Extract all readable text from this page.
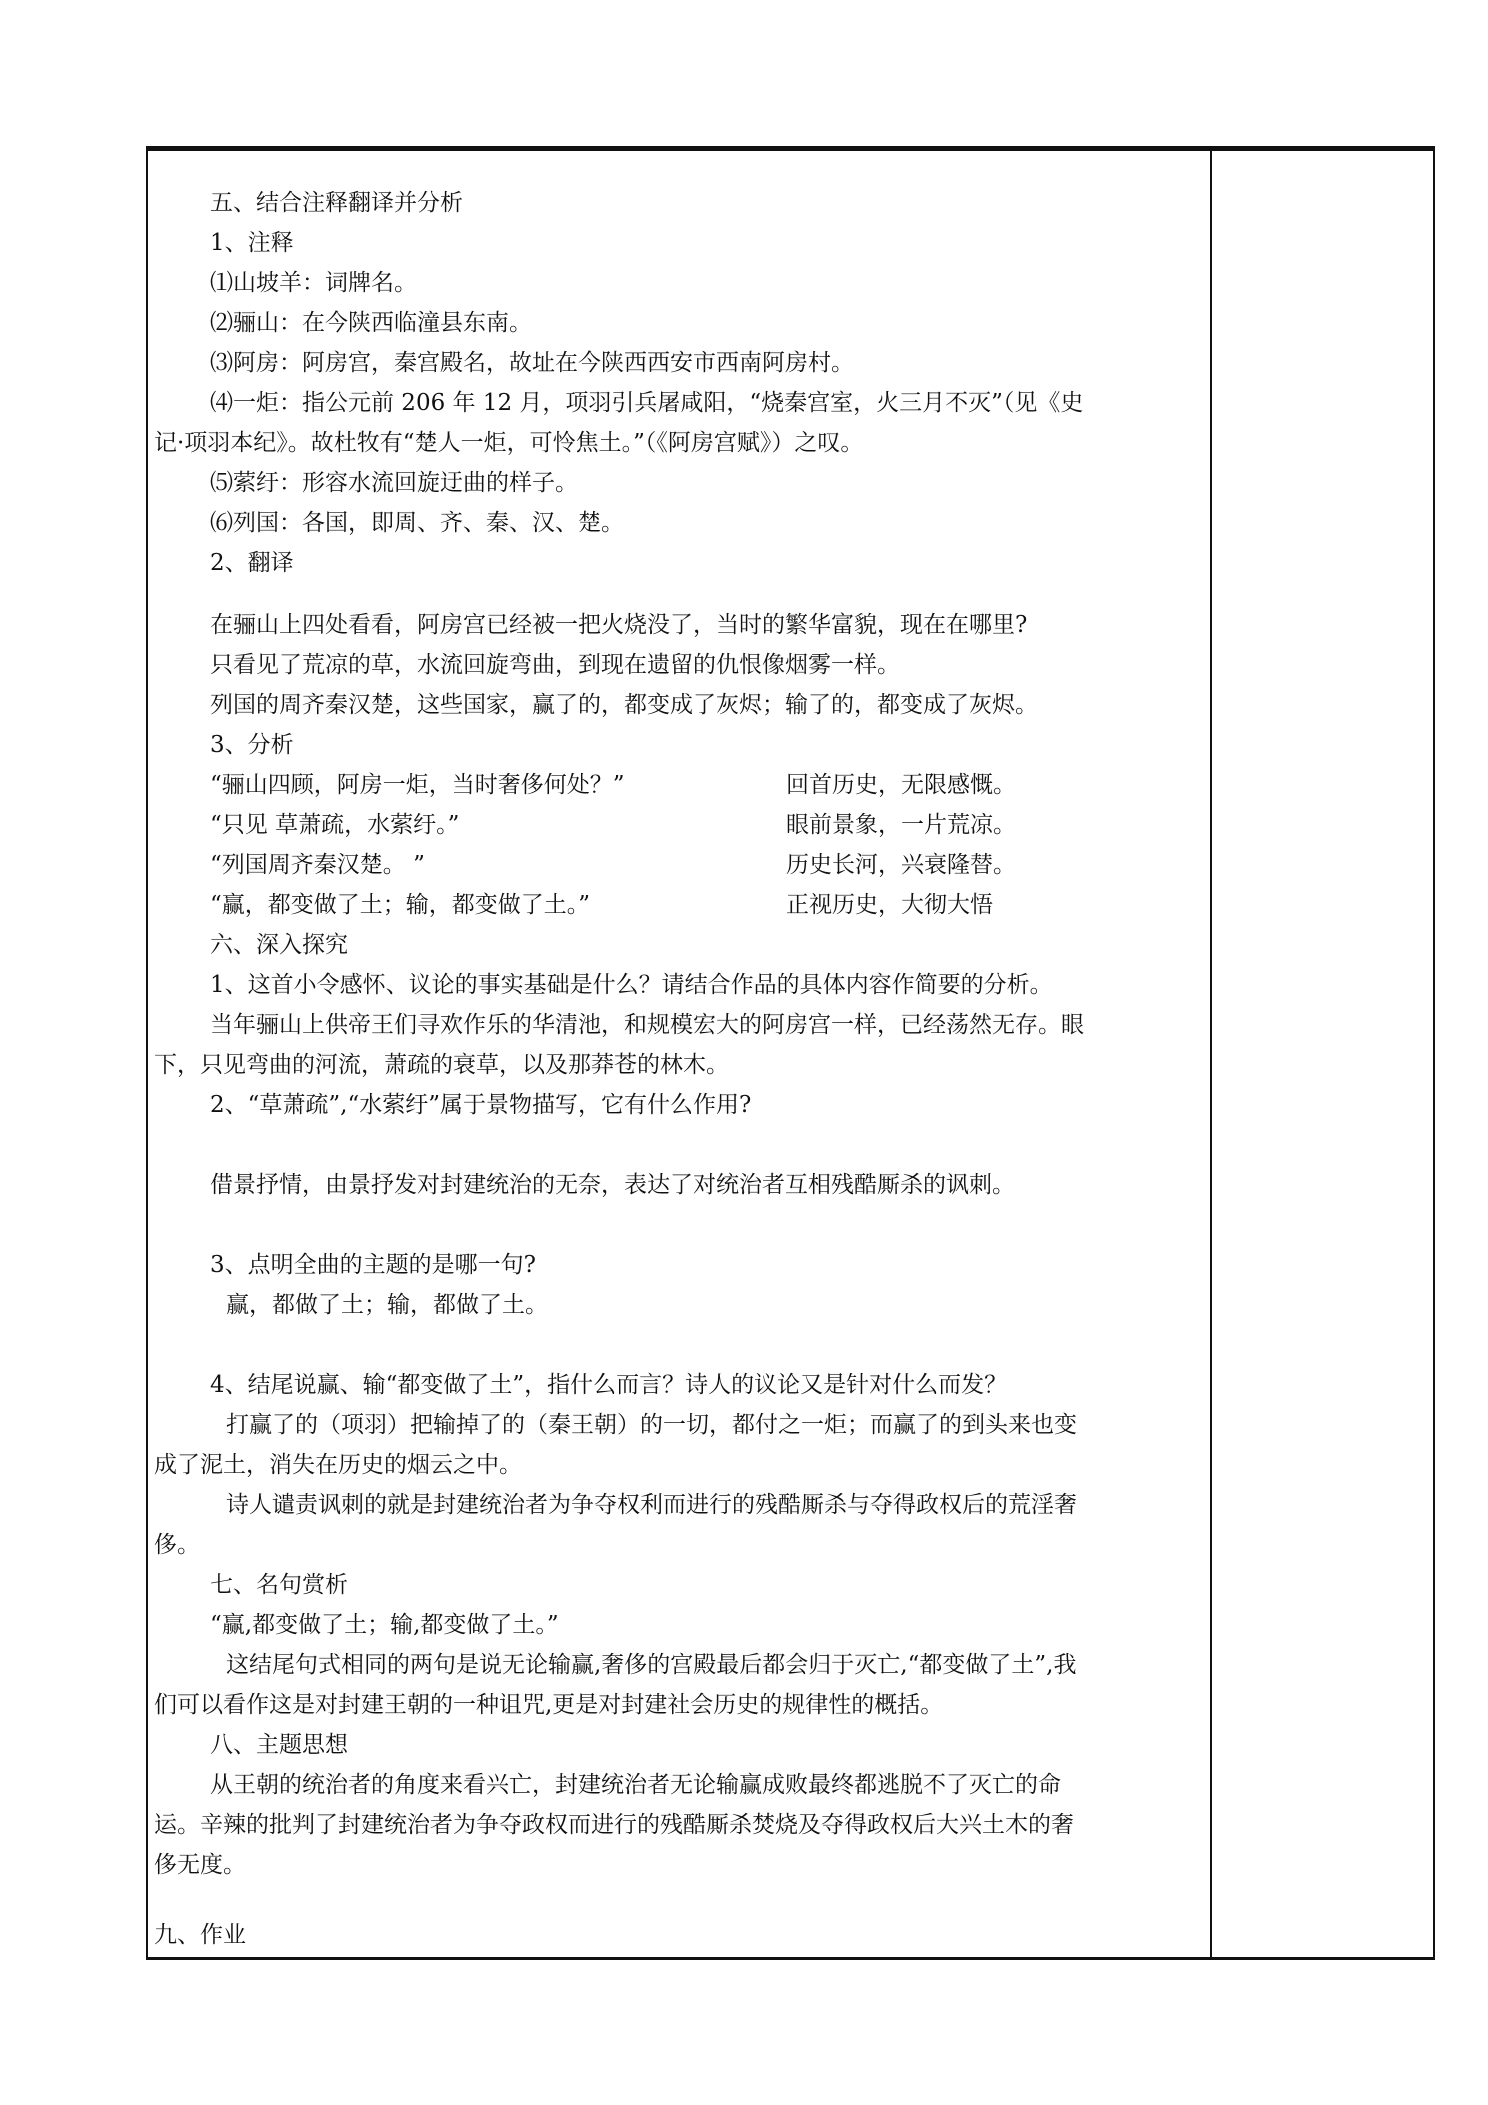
五、结合注释翻译并分析
1、注释
⑴山坡羊：词牌名。
⑵骊山：在今陕西临潼县东南。
⑶阿房：阿房宫，秦宫殿名，故址在今陕西西安市西南阿房村。
⑷一炬：指公元前 206 年 12 月，项羽引兵屠咸阳，“烧秦宫室，火三月不灭”（见《史
记·项羽本纪》。故杜牧有“楚人一炬，可怜焦土。”（《阿房宫赋》）之叹。
⑸萦纡：形容水流回旋迂曲的样子。
⑹列国：各国，即周、齐、秦、汉、楚。
2、翻译
在骊山上四处看看，阿房宫已经被一把火烧没了，当时的繁华富貌，现在在哪里?
只看见了荒凉的草，水流回旋弯曲，到现在遗留的仇恨像烟雾一样。
列国的周齐秦汉楚，这些国家，赢了的，都变成了灰烬；输了的，都变成了灰烬。
3、分析
“骊山四顾，阿房一炬，当时奢侈何处？”	回首历史，无限感慨。
“只见 草萧疏，水萦纡。”	眼前景象，一片荒凉。
“列国周齐秦汉楚。 ”	历史长河，兴衰隆替。
“赢，都变做了土；输，都变做了土。”	正视历史，大彻大悟
六、深入探究
1、这首小令感怀、议论的事实基础是什么？请结合作品的具体内容作简要的分析。
当年骊山上供帝王们寻欢作乐的华清池，和规模宏大的阿房宫一样，已经荡然无存。眼
下，只见弯曲的河流，萧疏的衰草，以及那莽苍的林木。
2、“草萧疏”,“水萦纡”属于景物描写，它有什么作用?
借景抒情，由景抒发对封建统治的无奈，表达了对统治者互相残酷厮杀的讽刺。
3、点明全曲的主题的是哪一句?
赢，都做了土；输，都做了土。
4、结尾说赢、输“都变做了土”，指什么而言？诗人的议论又是针对什么而发？
打赢了的（项羽）把输掉了的（秦王朝）的一切，都付之一炬；而赢了的到头来也变
成了泥土，消失在历史的烟云之中。
诗人谴责讽刺的就是封建统治者为争夺权利而进行的残酷厮杀与夺得政权后的荒淫奢
侈。
七、名句赏析
“赢,都变做了土；输,都变做了土。”
这结尾句式相同的两句是说无论输赢,奢侈的宫殿最后都会归于灭亡,“都变做了土”,我
们可以看作这是对封建王朝的一种诅咒,更是对封建社会历史的规律性的概括。
八、主题思想
从王朝的统治者的角度来看兴亡，封建统治者无论输赢成败最终都逃脱不了灭亡的命
运。辛辣的批判了封建统治者为争夺政权而进行的残酷厮杀焚烧及夺得政权后大兴土木的奢
侈无度。
九、作业
